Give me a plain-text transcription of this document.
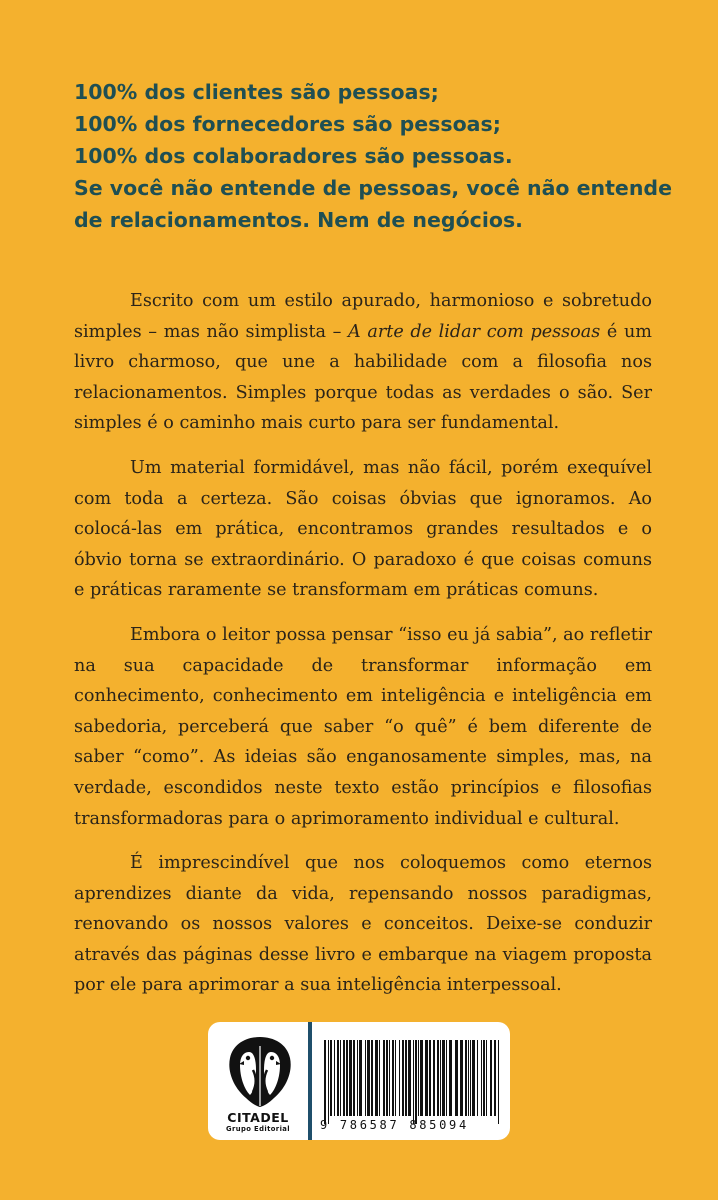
100% dos clientes são pessoas;
100% dos fornecedores são pessoas;
100% dos colaboradores são pessoas.
Se você não entende de pessoas, você não entende
de relacionamentos. Nem de negócios.

Escrito com um estilo apurado, harmonioso e sobretudo simples – mas não simplista – A arte de lidar com pessoas é um livro charmoso, que une a habilidade com a filosofia nos relacionamentos. Simples porque todas as verdades o são. Ser simples é o caminho mais curto para ser fundamental.

Um material formidável, mas não fácil, porém exequível com toda a certeza. São coisas óbvias que ignoramos. Ao colocá-las em prática, encontramos grandes resultados e o óbvio torna se extraordinário. O paradoxo é que coisas comuns e práticas raramente se transformam em práticas comuns.

Embora o leitor possa pensar “isso eu já sabia”, ao refletir na sua capacidade de transformar informação em conhecimento, conhecimento em inteligência e inteligência em sabedoria, perceberá que saber “o quê” é bem diferente de saber “como”. As ideias são enganosamente simples, mas, na verdade, escondidos neste texto estão princípios e filosofias transformadoras para o aprimoramento individual e cultural.

É imprescindível que nos coloquemos como eternos aprendizes diante da vida, repensando nossos paradigmas, renovando os nossos valores e conceitos. Deixe-se conduzir através das páginas desse livro e embarque na viagem proposta por ele para aprimorar a sua inteligência interpessoal.

CITADEL
Grupo Editorial	9 786587 885094
